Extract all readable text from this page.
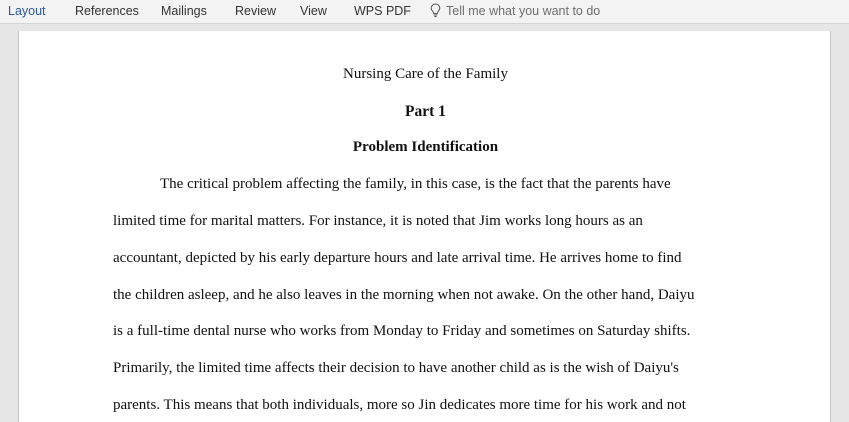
Layout References Mailings Review View WPS PDF	Tell me what you want to do
Nursing Care of the Family
Part 1
Problem Identification
The critical problem affecting the family, in this case, is the fact that the parents have
limited time for marital matters. For instance, it is noted that Jim works long hours as an
accountant, depicted by his early departure hours and late arrival time. He arrives home to find
the children asleep, and he also leaves in the morning when not awake. On the other hand, Daiyu
is a full-time dental nurse who works from Monday to Friday and sometimes on Saturday shifts.
Primarily, the limited time affects their decision to have another child as is the wish of Daiyu's
parents. This means that both individuals, more so Jin dedicates more time for his work and not
